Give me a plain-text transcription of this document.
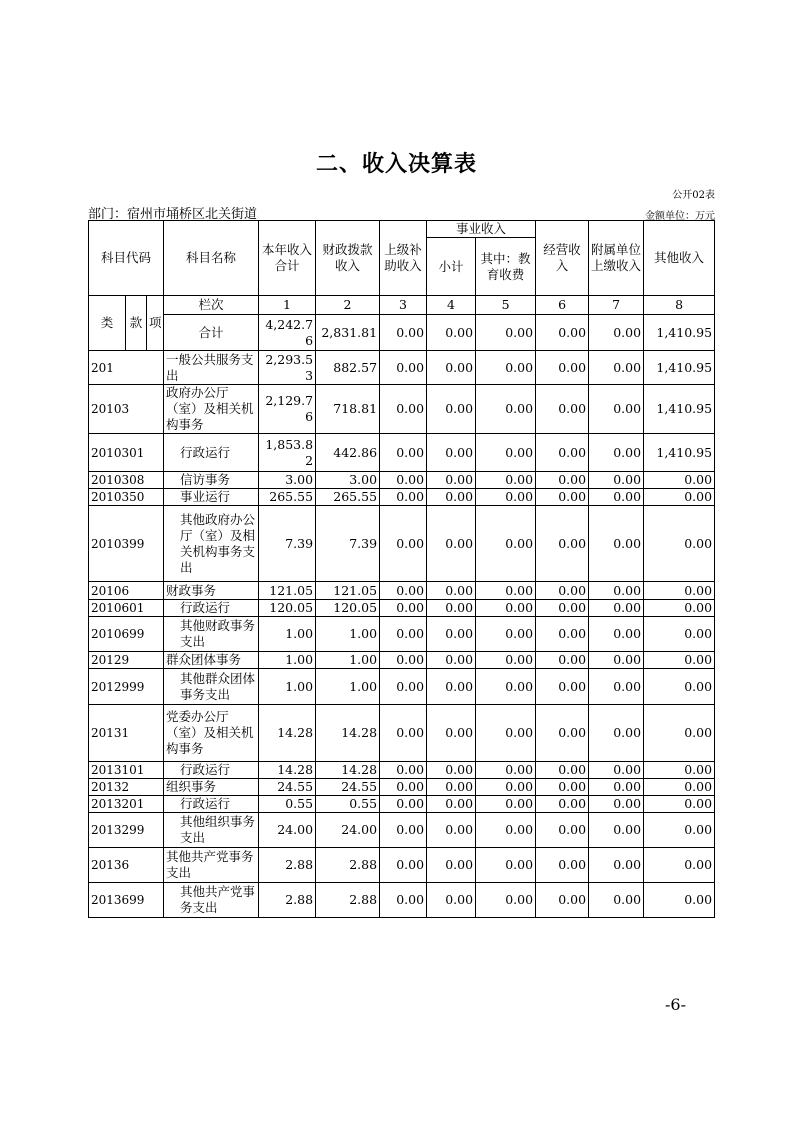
二、收入决算表
公开02表
部门：宿州市埇桥区北关街道	金额单位：万元
科目代码			科目名称	本年收入合计	财政拨款收入	上级补助收入	事业收入		经营收入	附属单位上缴收入	其他收入
							小计	其中：教育收费			
类	款	项	栏次	1	2	3	4	5	6	7	8
			合计	4,242.76	2,831.81	0.00	0.00	0.00	0.00	0.00	1,410.95
201			一般公共服务支出	2,293.53	882.57	0.00	0.00	0.00	0.00	0.00	1,410.95
20103			政府办公厅（室）及相关机构事务	2,129.76	718.81	0.00	0.00	0.00	0.00	0.00	1,410.95
2010301			行政运行	1,853.82	442.86	0.00	0.00	0.00	0.00	0.00	1,410.95
2010308			信访事务	3.00	3.00	0.00	0.00	0.00	0.00	0.00	0.00
2010350			事业运行	265.55	265.55	0.00	0.00	0.00	0.00	0.00	0.00
2010399			其他政府办公厅（室）及相关机构事务支出	7.39	7.39	0.00	0.00	0.00	0.00	0.00	0.00
20106			财政事务	121.05	121.05	0.00	0.00	0.00	0.00	0.00	0.00
2010601			行政运行	120.05	120.05	0.00	0.00	0.00	0.00	0.00	0.00
2010699			其他财政事务支出	1.00	1.00	0.00	0.00	0.00	0.00	0.00	0.00
20129			群众团体事务	1.00	1.00	0.00	0.00	0.00	0.00	0.00	0.00
2012999			其他群众团体事务支出	1.00	1.00	0.00	0.00	0.00	0.00	0.00	0.00
20131			党委办公厅（室）及相关机构事务	14.28	14.28	0.00	0.00	0.00	0.00	0.00	0.00
2013101			行政运行	14.28	14.28	0.00	0.00	0.00	0.00	0.00	0.00
20132			组织事务	24.55	24.55	0.00	0.00	0.00	0.00	0.00	0.00
2013201			行政运行	0.55	0.55	0.00	0.00	0.00	0.00	0.00	0.00
2013299			其他组织事务支出	24.00	24.00	0.00	0.00	0.00	0.00	0.00	0.00
20136			其他共产党事务支出	2.88	2.88	0.00	0.00	0.00	0.00	0.00	0.00
2013699			其他共产党事务支出	2.88	2.88	0.00	0.00	0.00	0.00	0.00	0.00
-6-
